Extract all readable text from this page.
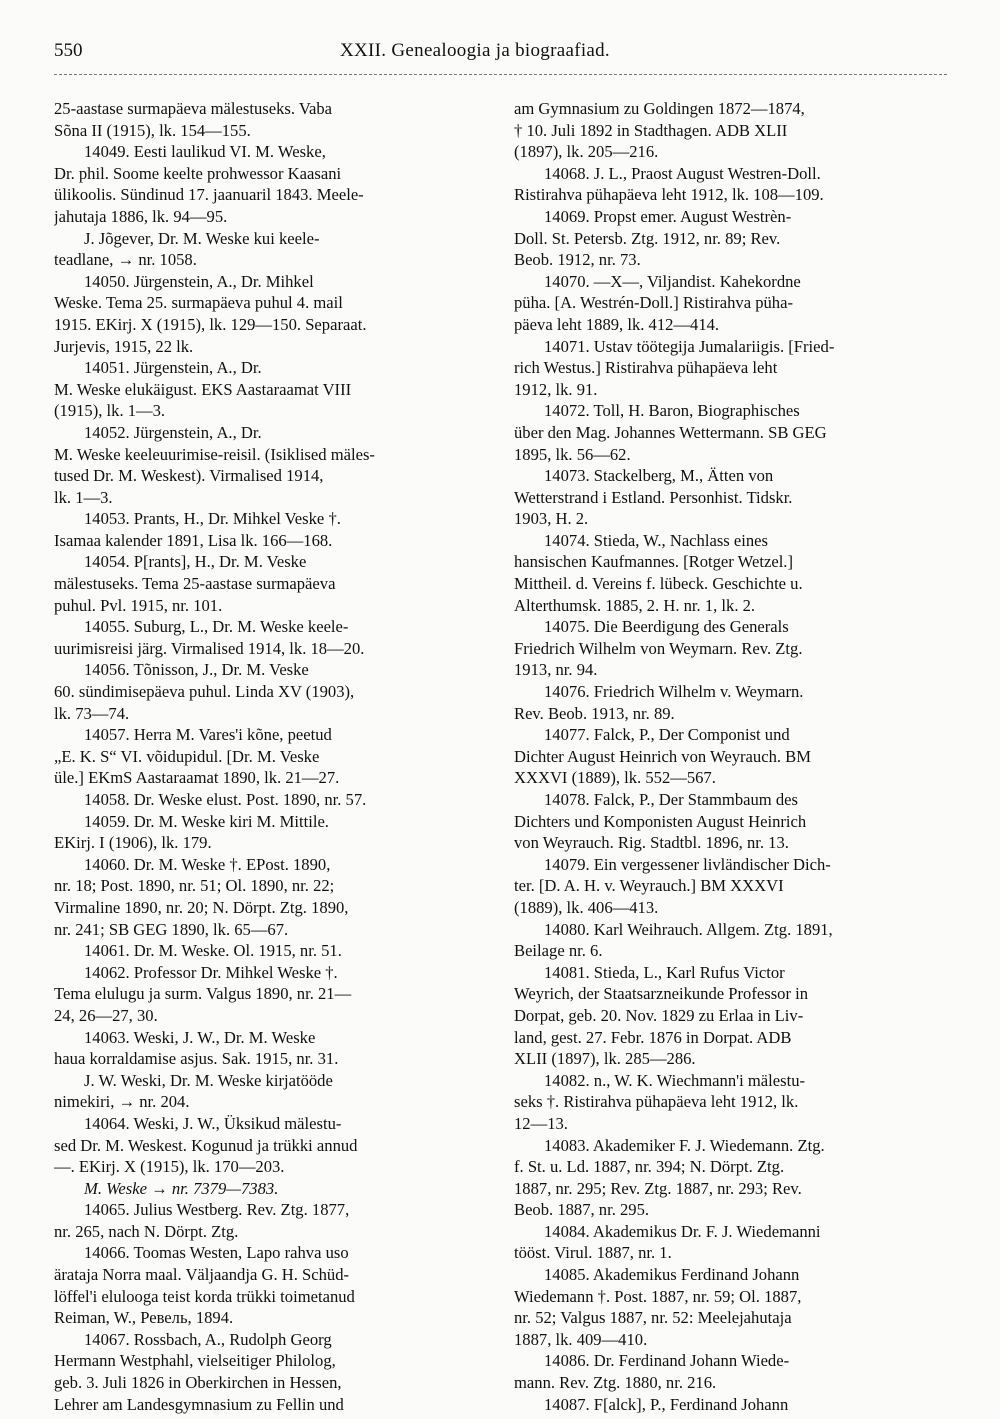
550	XXII. Genealoogia ja biograafiad.
25-aastase surmapäeva mälestuseks. Vaba
Sõna II (1915), lk. 154—155.
14049. Eesti laulikud VI. M. Weske,
Dr. phil. Soome keelte prohwessor Kaasani
ülikoolis. Sündinud 17. jaanuaril 1843. Meele-
jahutaja 1886, lk. 94—95.
J. Jõgever, Dr. M. Weske kui keele-
teadlane, → nr. 1058.
14050. Jürgenstein, A., Dr. Mihkel
Weske. Tema 25. surmapäeva puhul 4. mail
1915. EKirj. X (1915), lk. 129—150. Separaat.
Jurjevis, 1915, 22 lk.
14051. Jürgenstein, A., Dr.
M. Weske elukäigust. EKS Aastaraamat VIII
(1915), lk. 1—3.
14052. Jürgenstein, A., Dr.
M. Weske keeleuurimise-reisil. (Isiklised mäles-
tused Dr. M. Weskest). Virmalised 1914,
lk. 1—3.
14053. Prants, H., Dr. Mihkel Veske †.
Isamaa kalender 1891, Lisa lk. 166—168.
14054. P[rants], H., Dr. M. Veske
mälestuseks. Tema 25-aastase surmapäeva
puhul. Pvl. 1915, nr. 101.
14055. Suburg, L., Dr. M. Weske keele-
uurimisreisi järg. Virmalised 1914, lk. 18—20.
14056. Tõnisson, J., Dr. M. Veske
60. sündimisepäeva puhul. Linda XV (1903),
lk. 73—74.
14057. Herra M. Vares'i kõne, peetud
„E. K. S“ VI. võidupidul. [Dr. M. Veske
üle.] EKmS Aastaraamat 1890, lk. 21—27.
14058. Dr. Weske elust. Post. 1890, nr. 57.
14059. Dr. M. Weske kiri M. Mittile.
EKirj. I (1906), lk. 179.
14060. Dr. M. Weske †. EPost. 1890,
nr. 18; Post. 1890, nr. 51; Ol. 1890, nr. 22;
Virmaline 1890, nr. 20; N. Dörpt. Ztg. 1890,
nr. 241; SB GEG 1890, lk. 65—67.
14061. Dr. M. Weske. Ol. 1915, nr. 51.
14062. Professor Dr. Mihkel Weske †.
Tema elulugu ja surm. Valgus 1890, nr. 21—
24, 26—27, 30.
14063. Weski, J. W., Dr. M. Weske
haua korraldamise asjus. Sak. 1915, nr. 31.
J. W. Weski, Dr. M. Weske kirjatööde
nimekiri, → nr. 204.
14064. Weski, J. W., Üksikud mälestu-
sed Dr. M. Weskest. Kogunud ja trükki annud
—. EKirj. X (1915), lk. 170—203.
M. Weske → nr. 7379—7383.
14065. Julius Westberg. Rev. Ztg. 1877,
nr. 265, nach N. Dörpt. Ztg.
14066. Toomas Westen, Lapo rahva uso
äratajа Norra maal. Väljaandja G. H. Schüd-
löffel'i elulooga teist korda trükki toimetanud
Reiman, W., Ревель, 1894.
14067. Rossbach, A., Rudolph Georg
Hermann Westphahl, vielseitiger Philolog,
geb. 3. Juli 1826 in Oberkirchen in Hessen,
Lehrer am Landesgymnasium zu Fellin und
am Gymnasium zu Goldingen 1872—1874,
† 10. Juli 1892 in Stadthagen. ADB XLII
(1897), lk. 205—216.
14068. J. L., Praost August Westren-Doll.
Ristirahva pühapäeva leht 1912, lk. 108—109.
14069. Propst emer. August Westrèn-
Doll. St. Petersb. Ztg. 1912, nr. 89; Rev.
Beob. 1912, nr. 73.
14070. —X—, Viljandist. Kahekordne
püha. [A. Westrén-Doll.] Ristirahva püha-
päeva leht 1889, lk. 412—414.
14071. Ustav töötegija Jumalariigis. [Fried-
rich Westus.] Ristirahva pühapäeva leht
1912, lk. 91.
14072. Toll, H. Baron, Biographisches
über den Mag. Johannes Wettermann. SB GEG
1895, lk. 56—62.
14073. Stackelberg, M., Ätten von
Wetterstrand i Estland. Personhist. Tidskr.
1903, H. 2.
14074. Stieda, W., Nachlass eines
hansischen Kaufmannes. [Rotger Wetzel.]
Mittheil. d. Vereins f. lübeck. Geschichte u.
Alterthumsk. 1885, 2. H. nr. 1, lk. 2.
14075. Die Beerdigung des Generals
Friedrich Wilhelm von Weymarn. Rev. Ztg.
1913, nr. 94.
14076. Friedrich Wilhelm v. Weymarn.
Rev. Beob. 1913, nr. 89.
14077. Falck, P., Der Componist und
Dichter August Heinrich von Weyrauch. BM
XXXVI (1889), lk. 552—567.
14078. Falck, P., Der Stammbaum des
Dichters und Komponisten August Heinrich
von Weyrauch. Rig. Stadtbl. 1896, nr. 13.
14079. Ein vergessener livländischer Dich-
ter. [D. A. H. v. Weyrauch.] BM XXXVI
(1889), lk. 406—413.
14080. Karl Weihrauch. Allgem. Ztg. 1891,
Beilage nr. 6.
14081. Stieda, L., Karl Rufus Victor
Weyrich, der Staatsarzneikunde Professor in
Dorpat, geb. 20. Nov. 1829 zu Erlaa in Liv-
land, gest. 27. Febr. 1876 in Dorpat. ADB
XLII (1897), lk. 285—286.
14082. n., W. K. Wiechmann'i mälestu-
seks †. Ristirahva pühapäeva leht 1912, lk.
12—13.
14083. Akademiker F. J. Wiedemann. Ztg.
f. St. u. Ld. 1887, nr. 394; N. Dörpt. Ztg.
1887, nr. 295; Rev. Ztg. 1887, nr. 293; Rev.
Beob. 1887, nr. 295.
14084. Akademikus Dr. F. J. Wiedemanni
tööst. Virul. 1887, nr. 1.
14085. Akademikus Ferdinand Johann
Wiedemann †. Post. 1887, nr. 59; Ol. 1887,
nr. 52; Valgus 1887, nr. 52: Meelejahutaja
1887, lk. 409—410.
14086. Dr. Ferdinand Johann Wiede-
mann. Rev. Ztg. 1880, nr. 216.
14087. F[alck], P., Ferdinand Johann
